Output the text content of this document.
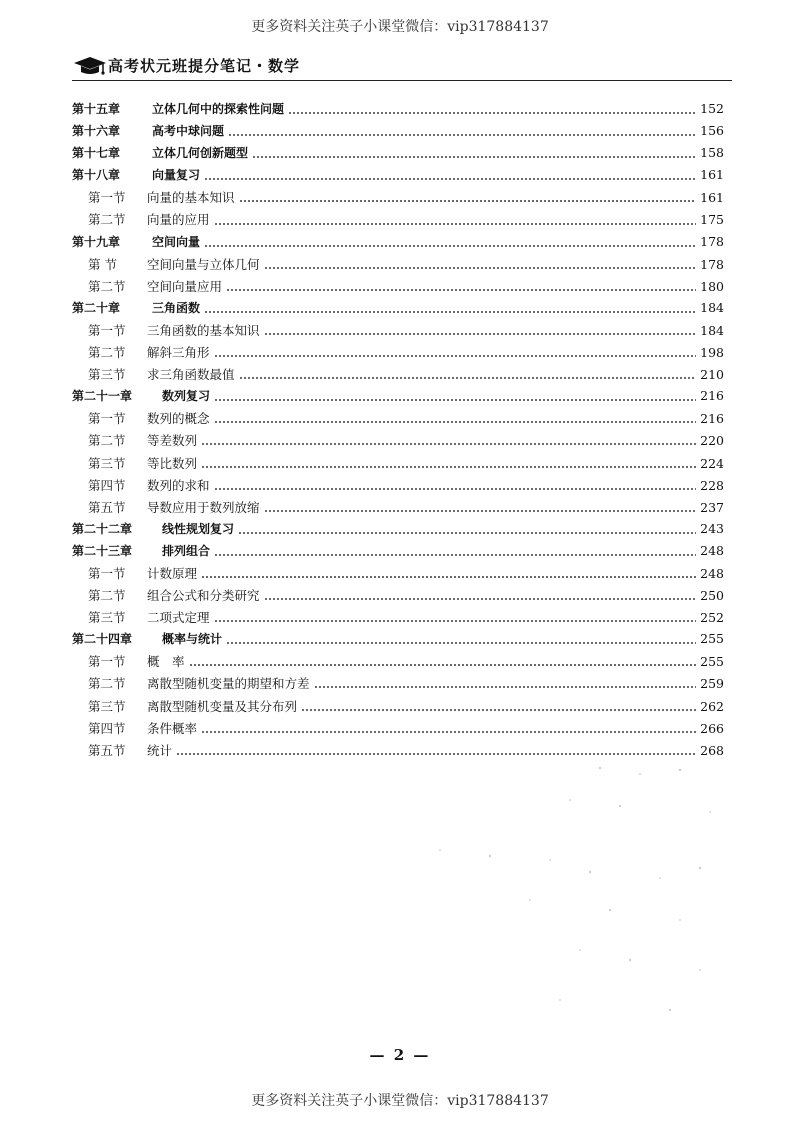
更多资料关注英子小课堂微信：vip317884137
高考状元班提分笔记・数学
第十五章	立体几何中的探索性问题	152
第十六章	高考中球问题	156
第十七章	立体几何创新题型	158
第十八章	向量复习	161
第一节	向量的基本知识	161
第二节	向量的应用	175
第十九章	空间向量	178
第 节	空间向量与立体几何	178
第二节	空间向量应用	180
第二十章	三角函数	184
第一节	三角函数的基本知识	184
第二节	解斜三角形	198
第三节	求三角函数最值	210
第二十一章	数列复习	216
第一节	数列的概念	216
第二节	等差数列	220
第三节	等比数列	224
第四节	数列的求和	228
第五节	导数应用于数列放缩	237
第二十二章	线性规划复习	243
第二十三章	排列组合	248
第一节	计数原理	248
第二节	组合公式和分类研究	250
第三节	二项式定理	252
第二十四章	概率与统计	255
第一节	概　率	255
第二节	离散型随机变量的期望和方差	259
第三节	离散型随机变量及其分布列	262
第四节	条件概率	266
第五节	统计	268
— 2 —
更多资料关注英子小课堂微信：vip317884137
